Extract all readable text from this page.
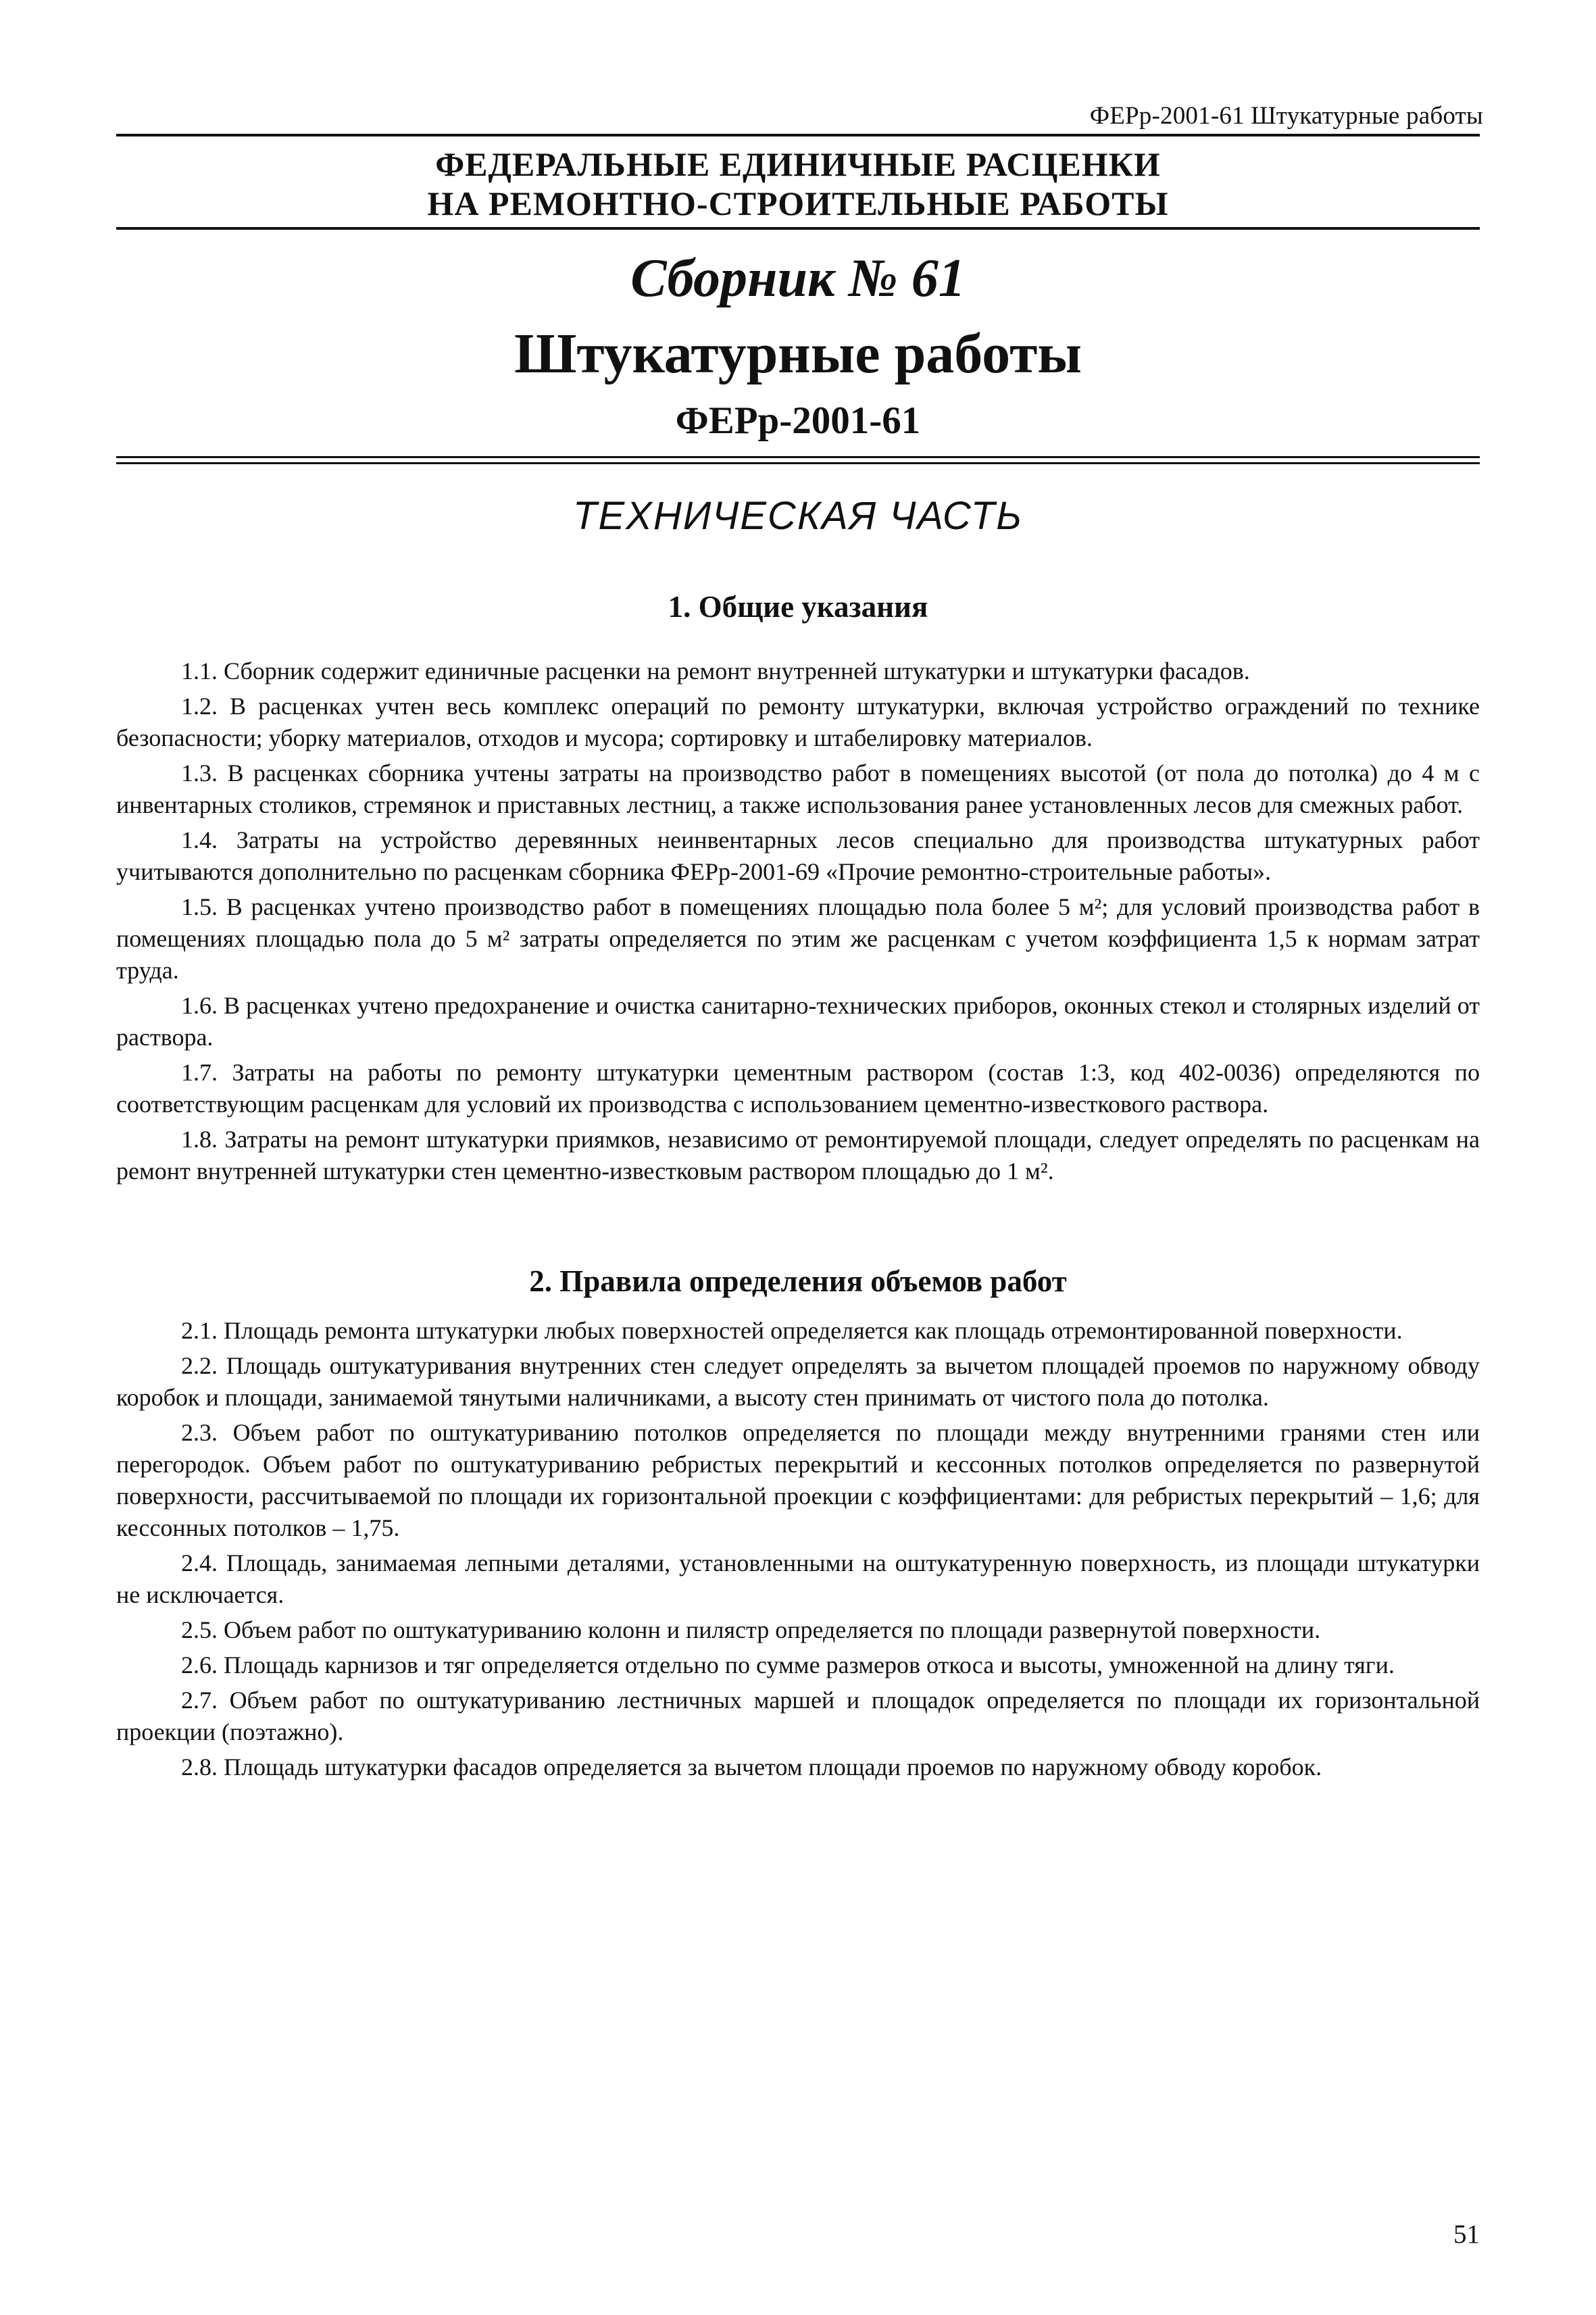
ФЕРр-2001-61 Штукатурные работы
ФЕДЕРАЛЬНЫЕ ЕДИНИЧНЫЕ РАСЦЕНКИ
НА РЕМОНТНО-СТРОИТЕЛЬНЫЕ РАБОТЫ
Сборник № 61
Штукатурные работы
ФЕРр-2001-61
ТЕХНИЧЕСКАЯ ЧАСТЬ
1. Общие указания

1.1. Сборник содержит единичные расценки на ремонт внутренней штукатурки и штукатурки фасадов.

1.2. В расценках учтен весь комплекс операций по ремонту штукатурки, включая устройство ограждений по технике безопасности; уборку материалов, отходов и мусора; сортировку и штабелировку материалов.

1.3. В расценках сборника учтены затраты на производство работ в помещениях высотой (от пола до потолка) до 4 м с инвентарных столиков, стремянок и приставных лестниц, а также использования ранее установленных лесов для смежных работ.

1.4. Затраты на устройство деревянных неинвентарных лесов специально для производства штукатурных работ учитываются дополнительно по расценкам сборника ФЕРр-2001-69 «Прочие ремонтно-строительные работы».

1.5. В расценках учтено производство работ в помещениях площадью пола более 5 м²; для условий производства работ в помещениях площадью пола до 5 м² затраты определяется по этим же расценкам с учетом коэффициента 1,5 к нормам затрат труда.

1.6. В расценках учтено предохранение и очистка санитарно-технических приборов, оконных стекол и столярных изделий от раствора.

1.7. Затраты на работы по ремонту штукатурки цементным раствором (состав 1:3, код 402-0036) определяются по соответствующим расценкам для условий их производства с использованием цементно-известкового раствора.

1.8. Затраты на ремонт штукатурки приямков, независимо от ремонтируемой площади, следует определять по расценкам на ремонт внутренней штукатурки стен цементно-известковым раствором площадью до 1 м².

2. Правила определения объемов работ

2.1. Площадь ремонта штукатурки любых поверхностей определяется как площадь отремонтированной поверхности.

2.2. Площадь оштукатуривания внутренних стен следует определять за вычетом площадей проемов по наружному обводу коробок и площади, занимаемой тянутыми наличниками, а высоту стен принимать от чистого пола до потолка.

2.3. Объем работ по оштукатуриванию потолков определяется по площади между внутренними гранями стен или перегородок. Объем работ по оштукатуриванию ребристых перекрытий и кессонных потолков определяется по развернутой поверхности, рассчитываемой по площади их горизонтальной проекции с коэффициентами: для ребристых перекрытий – 1,6; для кессонных потолков – 1,75.

2.4. Площадь, занимаемая лепными деталями, установленными на оштукатуренную поверхность, из площади штукатурки не исключается.

2.5. Объем работ по оштукатуриванию колонн и пилястр определяется по площади развернутой поверхности.

2.6. Площадь карнизов и тяг определяется отдельно по сумме размеров откоса и высоты, умноженной на длину тяги.

2.7. Объем работ по оштукатуриванию лестничных маршей и площадок определяется по площади их горизонтальной проекции (поэтажно).

2.8. Площадь штукатурки фасадов определяется за вычетом площади проемов по наружному обводу коробок.

51
